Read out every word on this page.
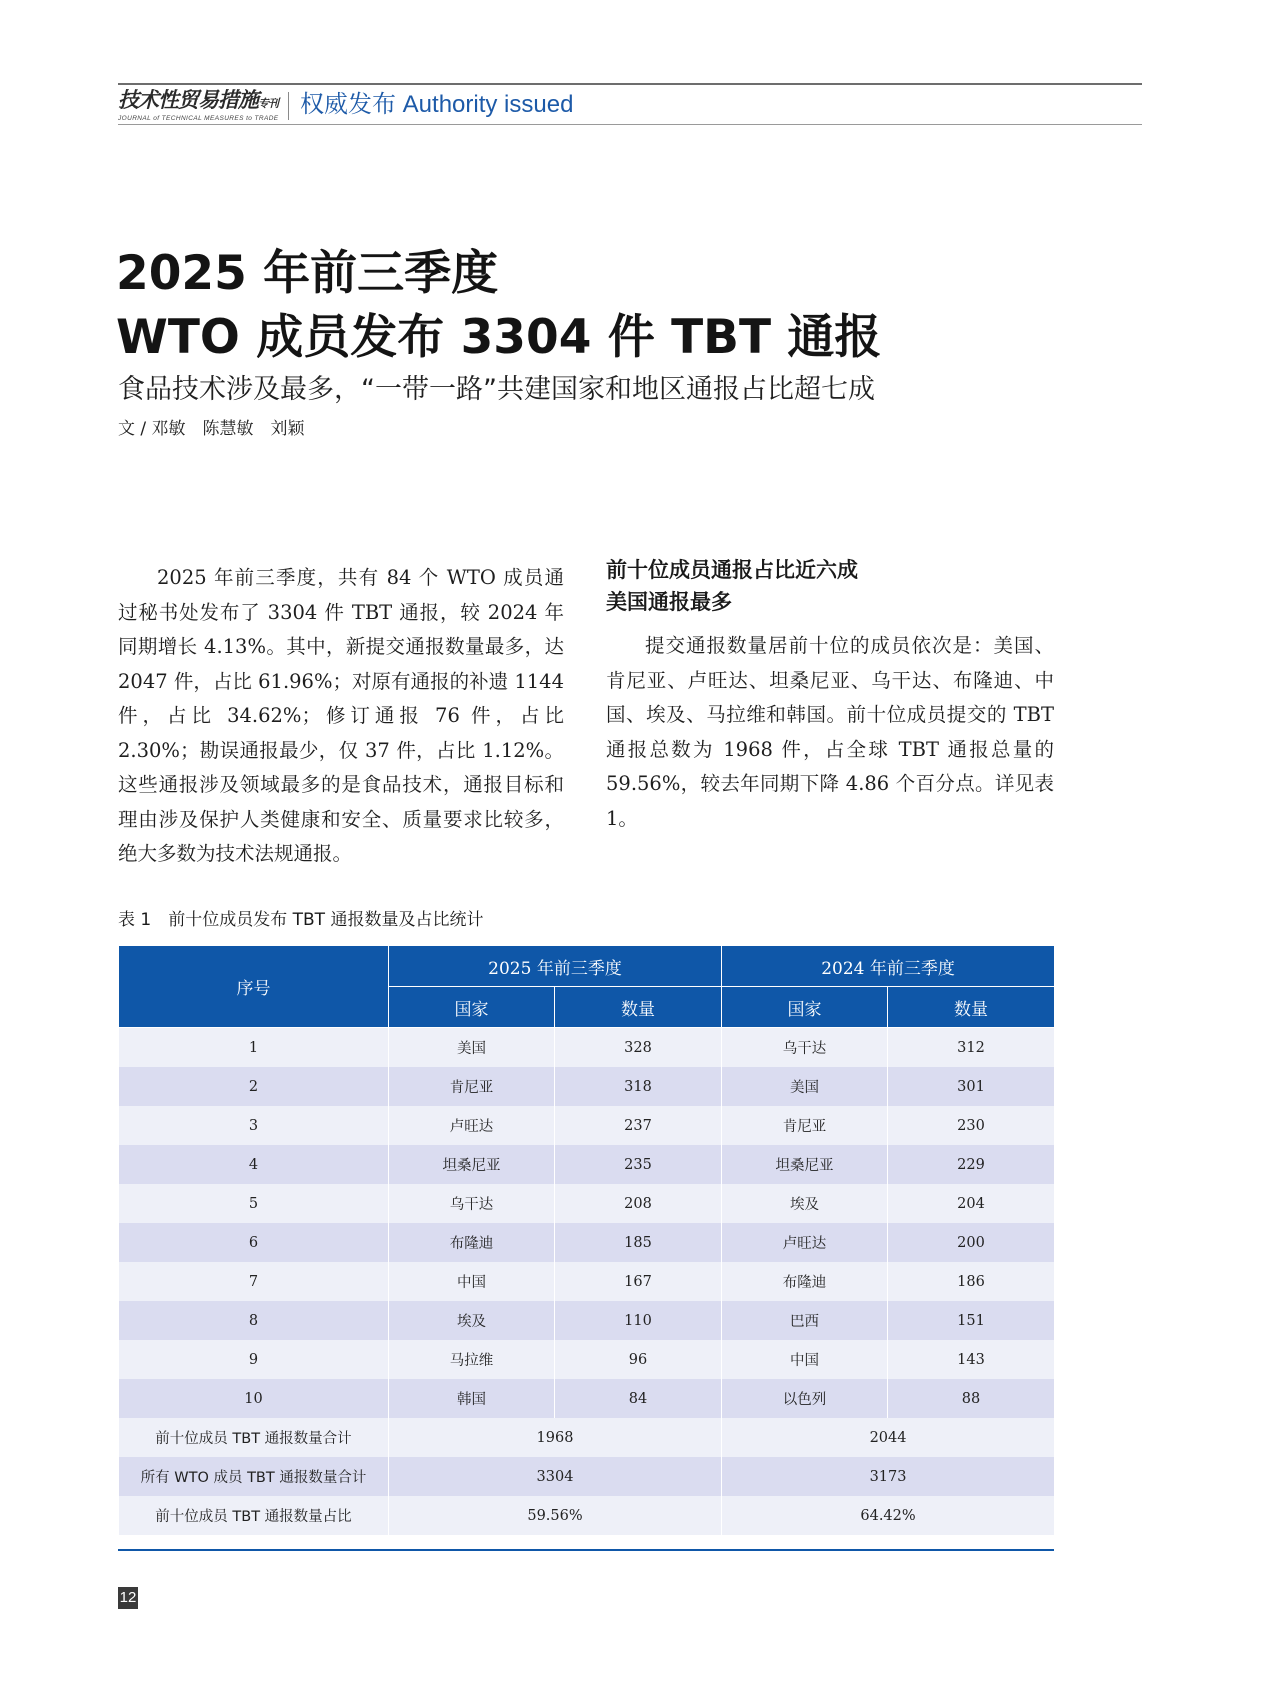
技术性贸易措施专刊
JOURNAL of TECHNICAL MEASURES to TRADE
权威发布 Authority issued
2025 年前三季度
WTO 成员发布 3304 件 TBT 通报
食品技术涉及最多，“一带一路”共建国家和地区通报占比超七成
文 / 邓敏　陈慧敏　刘颖

2025 年前三季度，共有 84 个 WTO 成员通过秘书处发布了 3304 件 TBT 通报，较 2024 年同期增长 4.13%。其中，新提交通报数量最多，达 2047 件，占比 61.96%；对原有通报的补遗 1144 件，占比 34.62%；修订通报 76 件，占比 2.30%；勘误通报最少，仅 37 件，占比 1.12%。这些通报涉及领域最多的是食品技术，通报目标和理由涉及保护人类健康和安全、质量要求比较多，绝大多数为技术法规通报。

前十位成员通报占比近六成
美国通报最多

提交通报数量居前十位的成员依次是：美国、肯尼亚、卢旺达、坦桑尼亚、乌干达、布隆迪、中国、埃及、马拉维和韩国。前十位成员提交的 TBT 通报总数为 1968 件，占全球 TBT 通报总量的 59.56%，较去年同期下降 4.86 个百分点。详见表 1。

表 1　前十位成员发布 TBT 通报数量及占比统计
序号	2025 年前三季度		2024 年前三季度	
	国家	数量	国家	数量
1	美国	328	乌干达	312
2	肯尼亚	318	美国	301
3	卢旺达	237	肯尼亚	230
4	坦桑尼亚	235	坦桑尼亚	229
5	乌干达	208	埃及	204
6	布隆迪	185	卢旺达	200
7	中国	167	布隆迪	186
8	埃及	110	巴西	151
9	马拉维	96	中国	143
10	韩国	84	以色列	88
前十位成员 TBT 通报数量合计	1968		2044	
所有 WTO 成员 TBT 通报数量合计	3304		3173	
前十位成员 TBT 通报数量占比	59.56%		64.42%	
12
